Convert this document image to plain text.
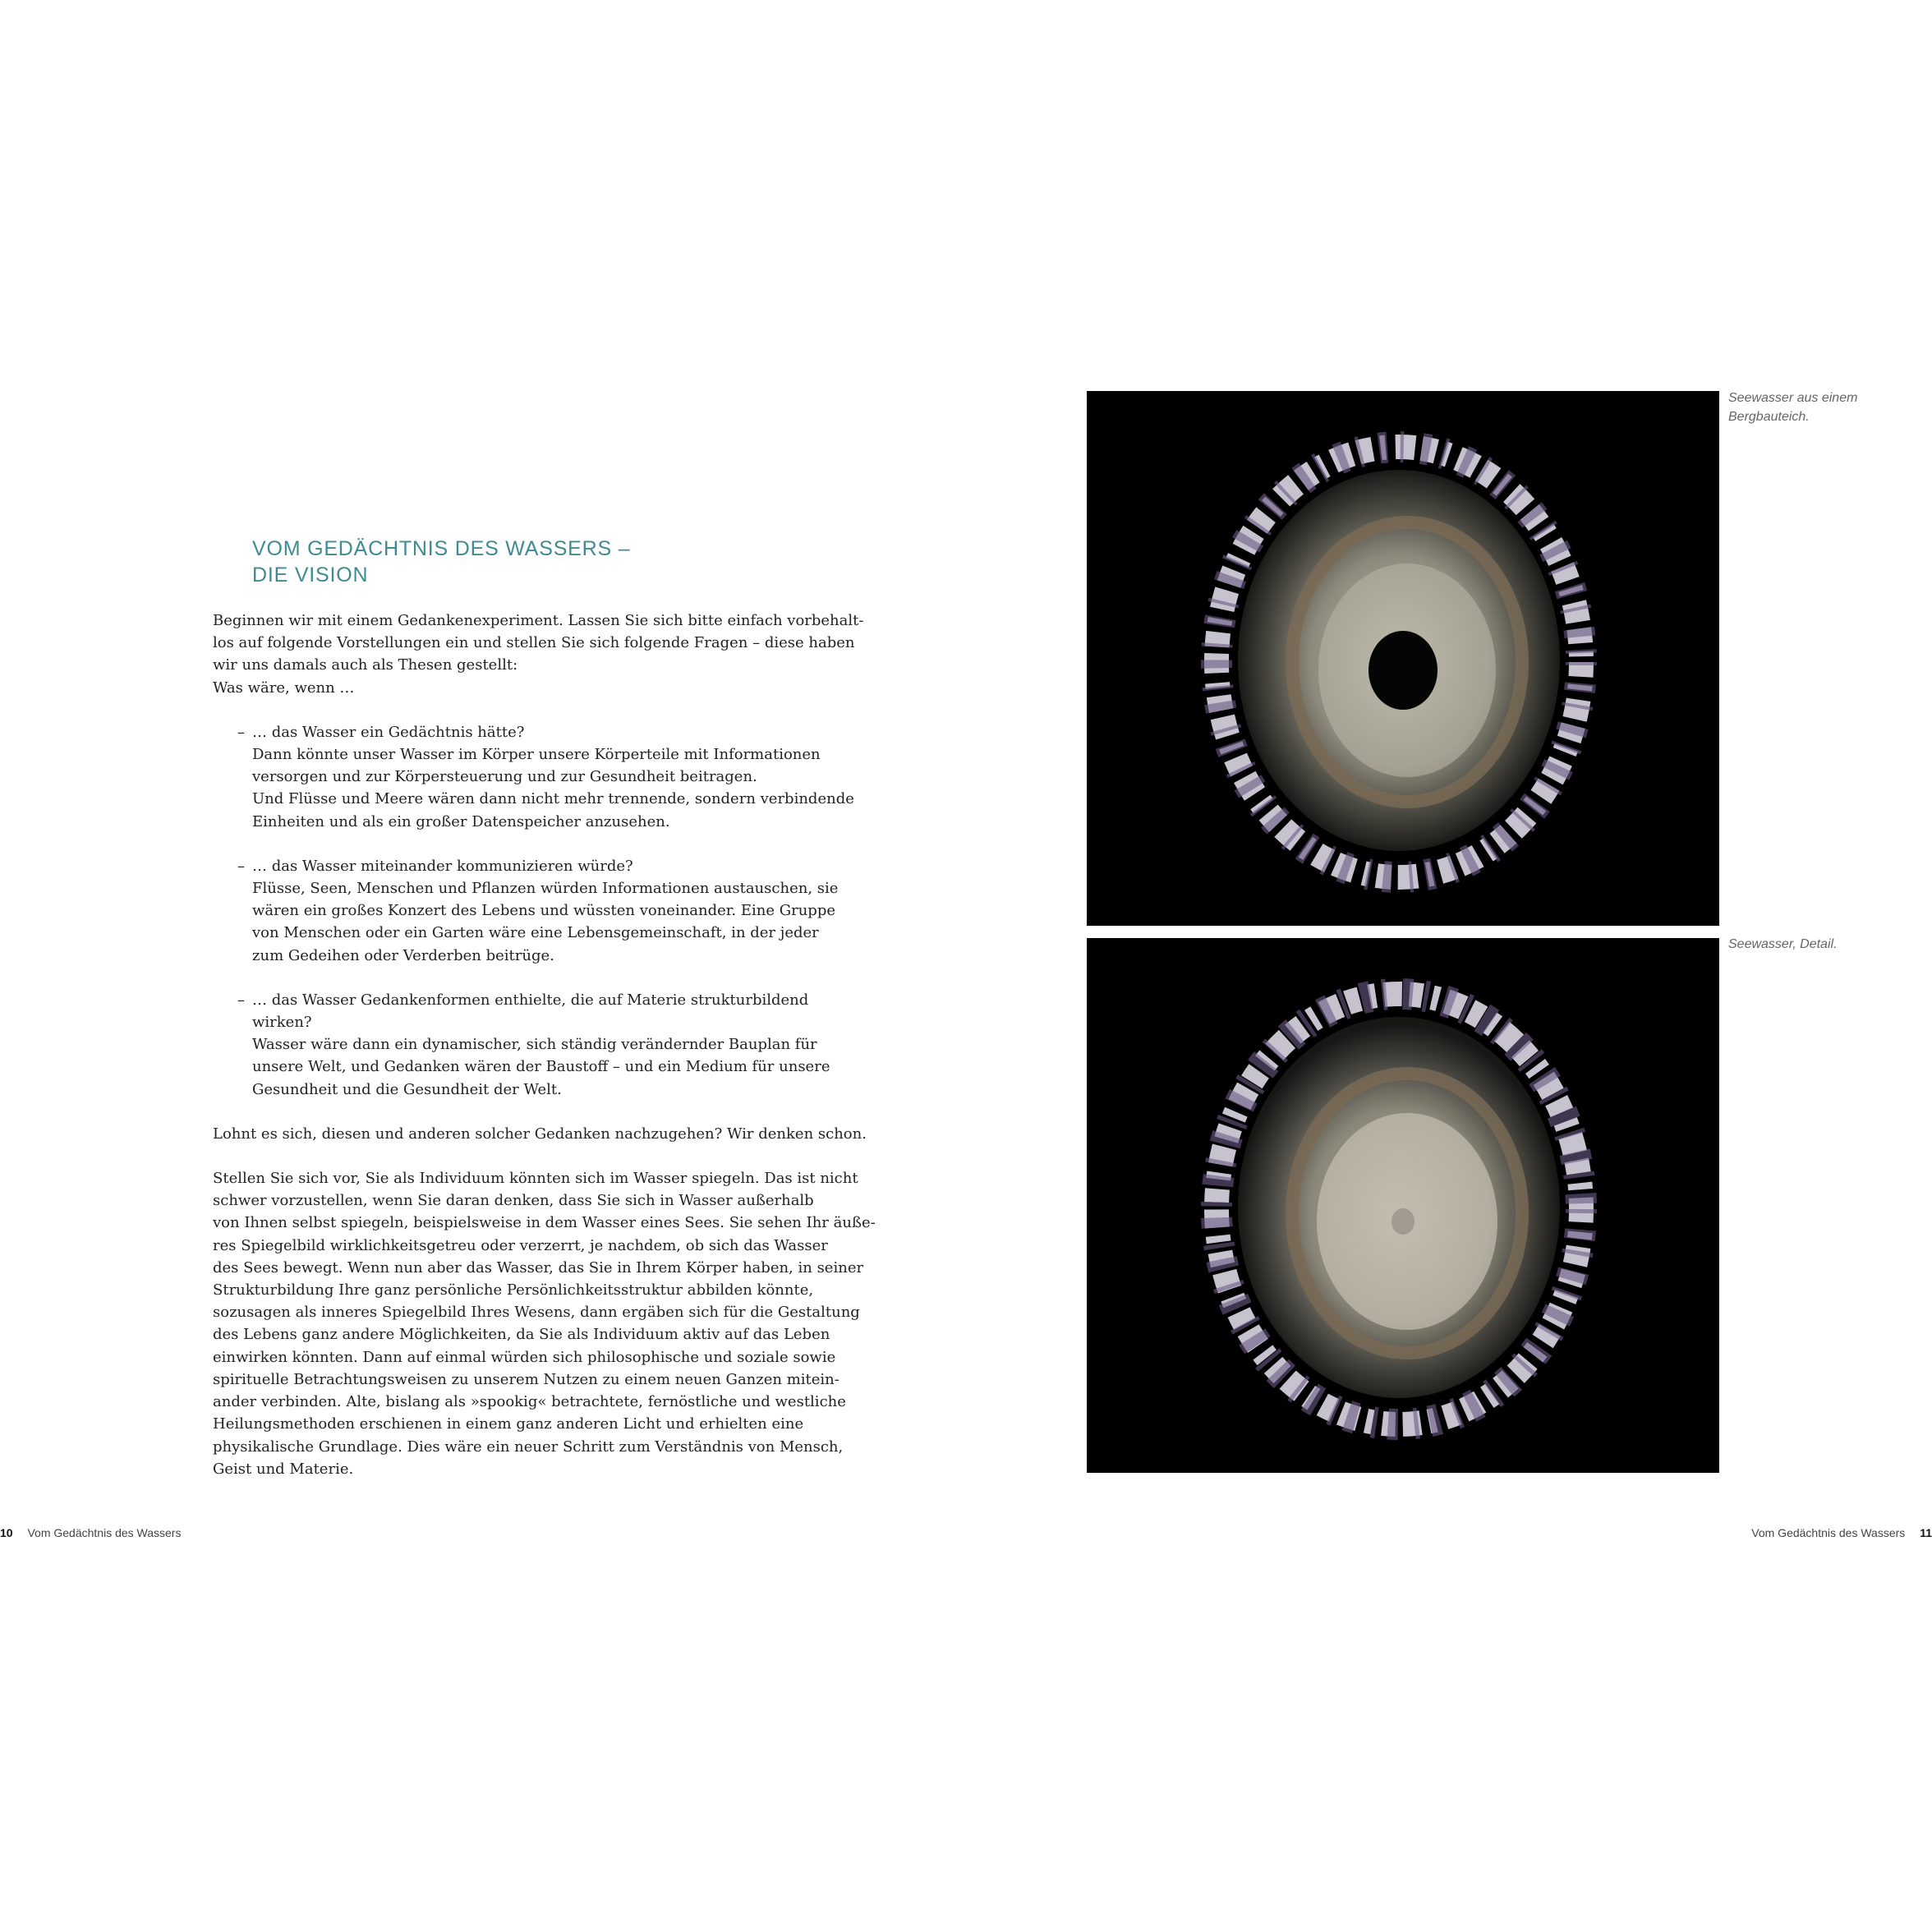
VOM GEDÄCHTNIS DES WASSERS –
DIE VISION
Beginnen wir mit einem Gedankenexperiment. Lassen Sie sich bitte einfach vorbehalt-
los auf folgende Vorstellungen ein und stellen Sie sich folgende Fragen – diese haben
wir uns damals auch als Thesen gestellt:
Was wäre, wenn …
– … das Wasser ein Gedächtnis hätte?
Dann könnte unser Wasser im Körper unsere Körperteile mit Informationen
versorgen und zur Körpersteuerung und zur Gesundheit beitragen.
Und Flüsse und Meere wären dann nicht mehr trennende, sondern verbindende
Einheiten und als ein großer Datenspeicher anzusehen.
– … das Wasser miteinander kommunizieren würde?
Flüsse, Seen, Menschen und Pflanzen würden Informationen austauschen, sie
wären ein großes Konzert des Lebens und wüssten voneinander. Eine Gruppe
von Menschen oder ein Garten wäre eine Lebensgemeinschaft, in der jeder
zum Gedeihen oder Verderben beitrüge.
– … das Wasser Gedankenformen enthielte, die auf Materie strukturbildend
wirken?
Wasser wäre dann ein dynamischer, sich ständig verändernder Bauplan für
unsere Welt, und Gedanken wären der Baustoff – und ein Medium für unsere
Gesundheit und die Gesundheit der Welt.
Lohnt es sich, diesen und anderen solcher Gedanken nachzugehen? Wir denken schon.
Stellen Sie sich vor, Sie als Individuum könnten sich im Wasser spiegeln. Das ist nicht
schwer vorzustellen, wenn Sie daran denken, dass Sie sich in Wasser außerhalb
von Ihnen selbst spiegeln, beispielsweise in dem Wasser eines Sees. Sie sehen Ihr äuße-
res Spiegelbild wirklichkeitsgetreu oder verzerrt, je nachdem, ob sich das Wasser
des Sees bewegt. Wenn nun aber das Wasser, das Sie in Ihrem Körper haben, in seiner
Strukturbildung Ihre ganz persönliche Persönlichkeitsstruktur abbilden könnte,
sozusagen als inneres Spiegelbild Ihres Wesens, dann ergäben sich für die Gestaltung
des Lebens ganz andere Möglichkeiten, da Sie als Individuum aktiv auf das Leben
einwirken könnten. Dann auf einmal würden sich philosophische und soziale sowie
spirituelle Betrachtungsweisen zu unserem Nutzen zu einem neuen Ganzen mitein-
ander verbinden. Alte, bislang als »spookig« betrachtete, fernöstliche und westliche
Heilungsmethoden erschienen in einem ganz anderen Licht und erhielten eine
physikalische Grundlage. Dies wäre ein neuer Schritt zum Verständnis von Mensch,
Geist und Materie.
Seewasser aus einem
Bergbauteich.
Seewasser, Detail.
10 Vom Gedächtnis des Wassers	Vom Gedächtnis des Wassers 11
